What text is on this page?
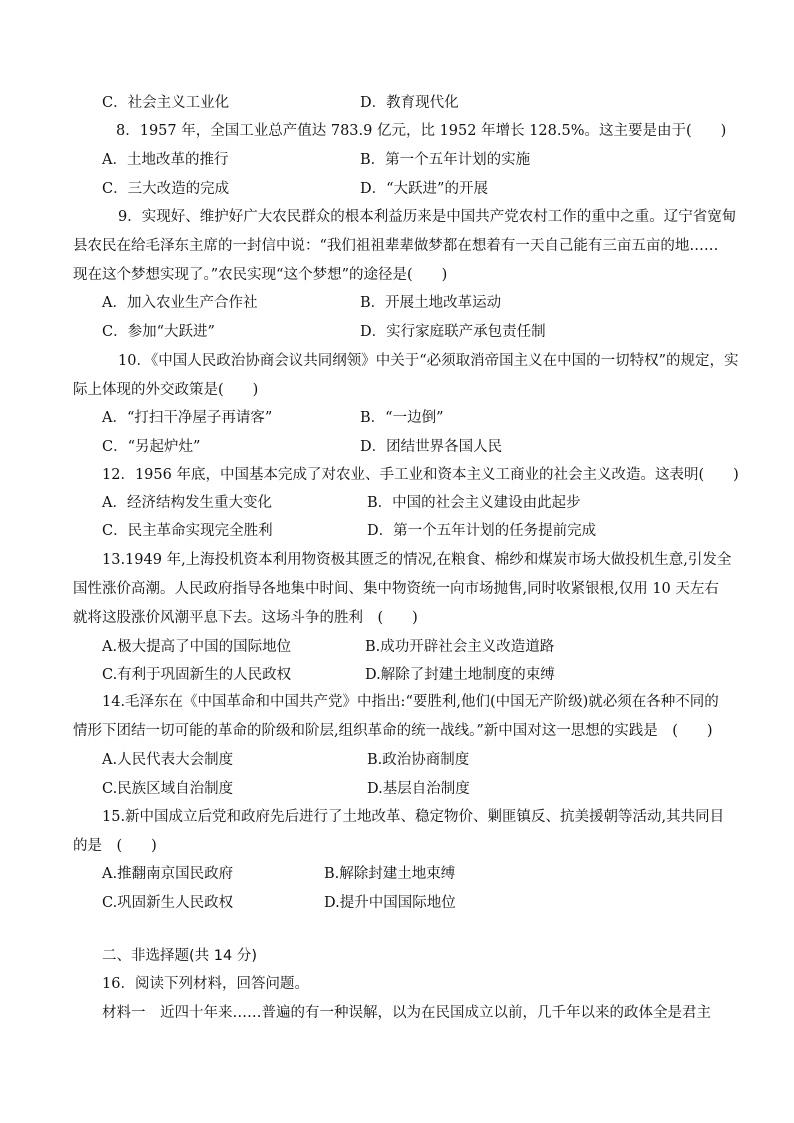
C．社会主义工业化	D．教育现代化
8．1957 年，全国工业总产值达 783.9 亿元，比 1952 年增长 128.5%。这主要是由于(　　)
A．土地改革的推行	B．第一个五年计划的实施
C．三大改造的完成	D．“大跃进”的开展
9．实现好、维护好广大农民群众的根本利益历来是中国共产党农村工作的重中之重。辽宁省宽甸
县农民在给毛泽东主席的一封信中说：“我们祖祖辈辈做梦都在想着有一天自己能有三亩五亩的地……
现在这个梦想实现了。”农民实现“这个梦想”的途径是(　　)
A．加入农业生产合作社	B．开展土地改革运动
C．参加“大跃进”	D．实行家庭联产承包责任制
10．《中国人民政治协商会议共同纲领》中关于“必须取消帝国主义在中国的一切特权”的规定，实
际上体现的外交政策是(　　)
A．“打扫干净屋子再请客”	B．“一边倒”
C．“另起炉灶”	D．团结世界各国人民
12．1956 年底，中国基本完成了对农业、手工业和资本主义工商业的社会主义改造。这表明(　　)
A．经济结构发生重大变化	B．中国的社会主义建设由此起步
C．民主革命实现完全胜利	D．第一个五年计划的任务提前完成
13.1949 年,上海投机资本利用物资极其匮乏的情况,在粮食、棉纱和煤炭市场大做投机生意,引发全
国性涨价高潮。人民政府指导各地集中时间、集中物资统一向市场抛售,同时收紧银根,仅用 10 天左右
就将这股涨价风潮平息下去。这场斗争的胜利　(　　)
A.极大提高了中国的国际地位	B.成功开辟社会主义改造道路
C.有利于巩固新生的人民政权	D.解除了封建土地制度的束缚
14.毛泽东在《中国革命和中国共产党》中指出:“要胜利,他们(中国无产阶级)就必须在各种不同的
情形下团结一切可能的革命的阶级和阶层,组织革命的统一战线。”新中国对这一思想的实践是　(　　)
A.人民代表大会制度	B.政治协商制度
C.民族区域自治制度	D.基层自治制度
15.新中国成立后党和政府先后进行了土地改革、稳定物价、剿匪镇反、抗美援朝等活动,其共同目
的是　(　　)
A.推翻南京国民政府	B.解除封建土地束缚
C.巩固新生人民政权	D.提升中国国际地位
二、非选择题(共 14 分)
16．阅读下列材料，回答问题。
材料一　近四十年来……普遍的有一种误解，以为在民国成立以前，几千年以来的政体全是君主
